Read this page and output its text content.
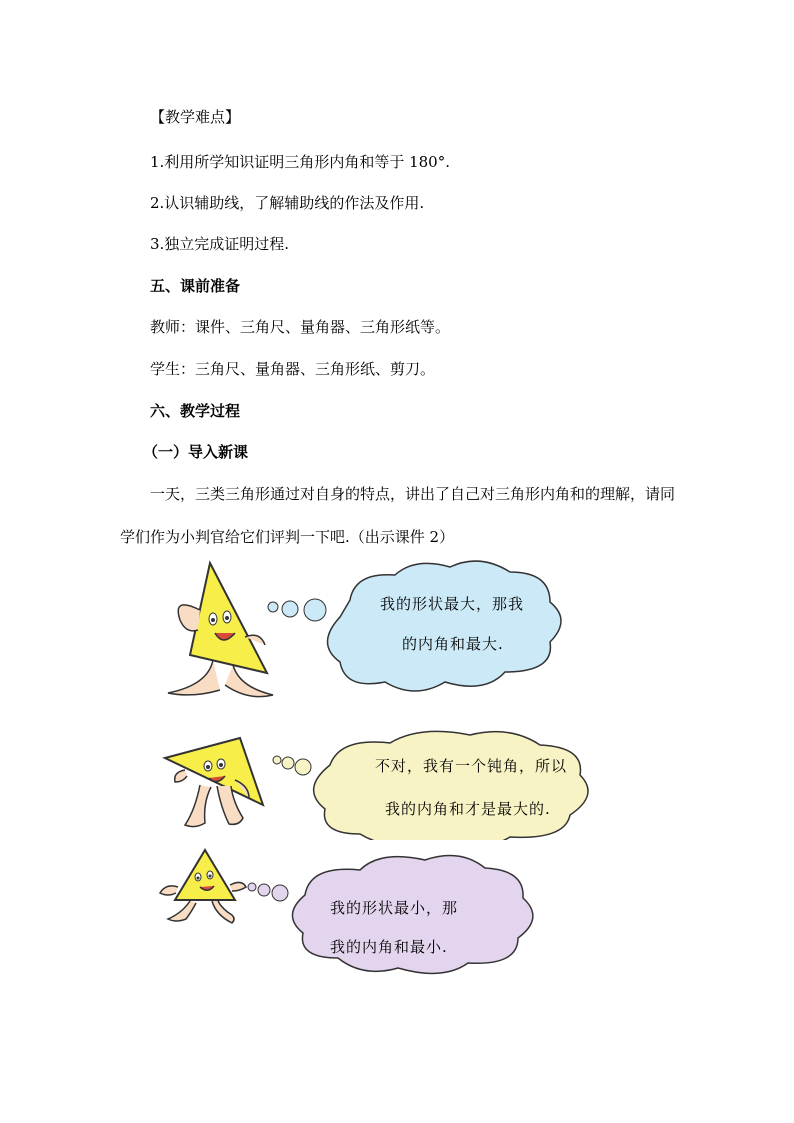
【教学难点】
1.利用所学知识证明三角形内角和等于 180°.
2.认识辅助线，了解辅助线的作法及作用.
3.独立完成证明过程.
五、课前准备
教师：课件、三角尺、量角器、三角形纸等。
学生：三角尺、量角器、三角形纸、剪刀。
六、教学过程
（一）导入新课
一天，三类三角形通过对自身的特点，讲出了自己对三角形内角和的理解，请同学们作为小判官给它们评判一下吧.（出示课件 2）
我的形状最大，那我
的内角和最大.
不对，我有一个钝角，所以
我的内角和才是最大的.
我的形状最小，那
我的内角和最小.
